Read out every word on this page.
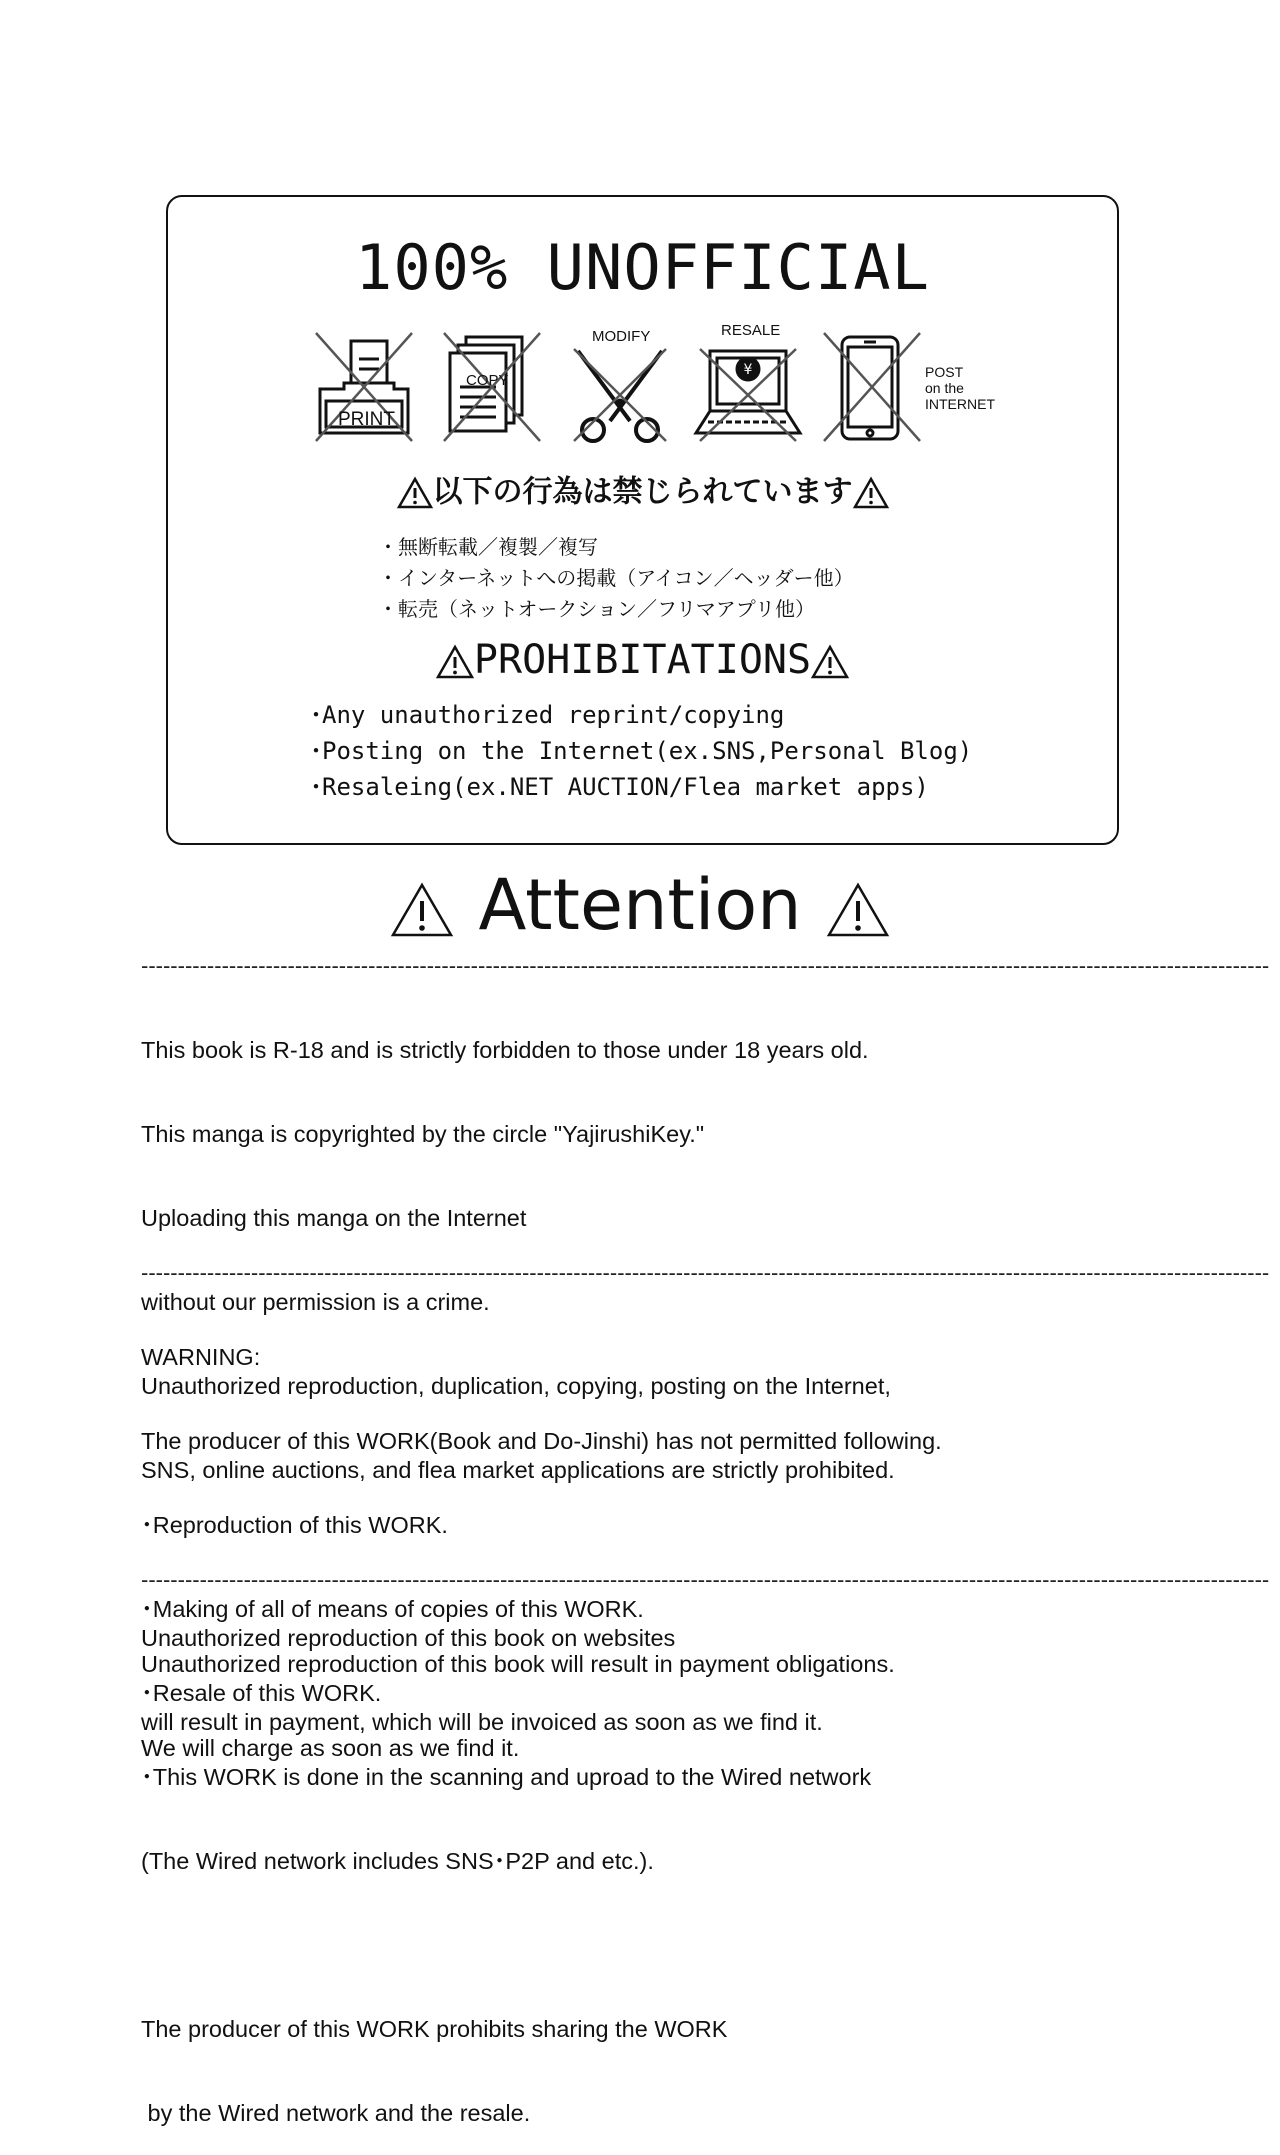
100% UNOFFICIAL
¥
PRINT
COPY
MODIFY	RESALE
POST
on the
INTERNET
以下の行為は禁じられています
・無断転載／複製／複写
・インターネットへの掲載（アイコン／ヘッダー他）
・転売（ネットオークション／フリマアプリ他）
PROHIBITATIONS
･Any unauthorized reprint/copying
･Posting on the Internet(ex.SNS,Personal Blog)
･Resaleing(ex.NET AUCTION/Flea market apps)
Attention
----------------------------------------------------------------------------------------------------------------------------------------------------------

This book is R-18 and is strictly forbidden to those under 18 years old.

This manga is copyrighted by the circle "YajirushiKey."

Uploading this manga on the Internet

without our permission is a crime.

Unauthorized reproduction, duplication, copying, posting on the Internet,

SNS, online auctions, and flea market applications are strictly prohibited.

Unauthorized reproduction of this book on websites

will result in payment, which will be invoiced as soon as we find it.

----------------------------------------------------------------------------------------------------------------------------------------------------------

WARNING:

The producer of this WORK(Book and Do-Jinshi) has not permitted following.

･Reproduction of this WORK.

･Making of all of means of copies of this WORK.

･Resale of this WORK.

･This WORK is done in the scanning and uproad to the Wired network

(The Wired network includes SNS･P2P and etc.).

The producer of this WORK prohibits sharing the WORK

by the Wired network and the resale.

----------------------------------------------------------------------------------------------------------------------------------------------------------

Unauthorized reproduction of this book will result in payment obligations.

We will charge as soon as we find it.
